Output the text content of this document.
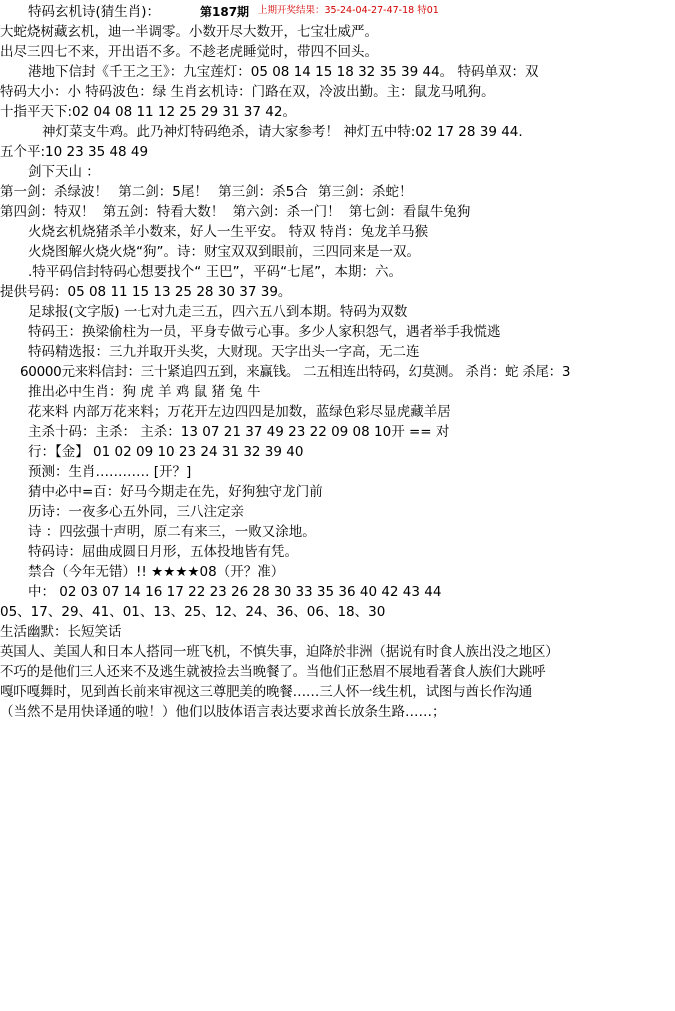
特码玄机诗(猜生肖)：	第187期 上期开奖结果：35-24-04-27-47-18 特01
大蛇烧树藏玄机，迪一半调零。小数开尽大数开，七宝壮威严。
出尽三四七不来，开出语不多。不趁老虎睡觉时，带四不回头。
港地下信封《千王之王》：九宝莲灯：05 08 14 15 18 32 35 39 44。 特码单双：双
特码大小：小 特码波色：绿 生肖玄机诗：门路在双，冷波出勤。主：鼠龙马吼狗。
十指平天下:02 04 08 11 12 25 29 31 37 42。
神灯菜支牛鸡。此乃神灯特码绝杀，请大家参考！ 神灯五中特:02 17 28 39 44.
五个平:10 23 35 48 49
剑下天山 ：
第一剑：杀绿波！ 第二剑：5尾！ 第三剑：杀5合 第三剑：杀蛇！
第四剑：特双！ 第五剑：特看大数！ 第六剑：杀一门！ 第七剑：看鼠牛兔狗
火烧玄机烧猪杀羊小数来，好人一生平安。 特双 特肖：兔龙羊马猴
火烧图解火烧火烧“狗”。诗：财宝双双到眼前，三四同来是一双。
.特平码信封特码心想要找个“ 王巴”，平码“七尾”，本期：六。
提供号码：05 08 11 15 13 25 28 30 37 39。
足球报(文字版) 一七对九走三五，四六五八到本期。特码为双数
特码王：换梁偷柱为一员，平身专做亏心事。多少人家积怨气，遇者举手我慌逃
特码精选报：三九并取开头奖，大财现。天字出头一字高，无二连
60000元来料信封：三十紧追四五到，来赢钱。 二五相连出特码，幻莫测。 杀肖：蛇 杀尾：3
推出必中生肖：狗 虎 羊 鸡 鼠 猪 兔 牛
花来料 内部万花来料；万花开左边四四是加数，蓝绿色彩尽显虎藏羊居
主杀十码：主杀： 主杀：13 07 21 37 49 23 22 09 08 10开 == 对
行：【金】 01 02 09 10 23 24 31 32 39 40
预测：生肖………… [开？]
猜中必中=百：好马今期走在先，好狗独守龙门前
历诗：一夜多心五外同，三八注定亲
诗 ：四弦强十声明，原二有来三，一败又涂地。
特码诗：屈曲成圆日月形，五体投地皆有凭。
禁合（今年无错）!! ★★★★08（开？准）
中： 02 03 07 14 16 17 22 23 26 28 30 33 35 36 40 42 43 44
05、17、29、41、01、13、25、12、24、36、06、18、30
生活幽默：长短笑话
英国人、美国人和日本人搭同一班飞机，不慎失事，迫降於非洲（据说有时食人族出没之地区）
不巧的是他们三人还来不及逃生就被捡去当晚餐了。当他们正愁眉不展地看著食人族们大跳呼
嘎吓嘎舞时，见到酋长前来审视这三尊肥美的晚餐……三人怀一线生机，试图与酋长作沟通
（当然不是用快译通的啦！）他们以肢体语言表达要求酋长放条生路……；
